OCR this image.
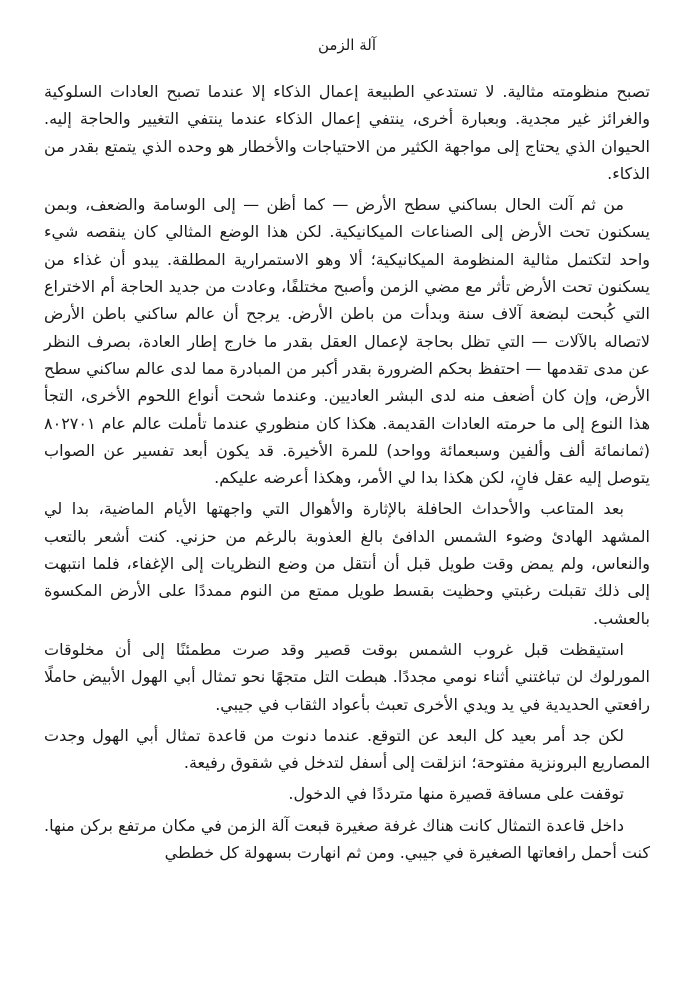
آلة الزمن

تصبح منظومته مثالية. لا تستدعي الطبيعة إعمال الذكاء إلا عندما تصبح العادات السلوكية والغرائز غير مجدية. وبعبارة أخرى، ينتفي إعمال الذكاء عندما ينتفي التغيير والحاجة إليه. الحيوان الذي يحتاج إلى مواجهة الكثير من الاحتياجات والأخطار هو وحده الذي يتمتع بقدر من الذكاء.

من ثم آلت الحال بساكني سطح الأرض — كما أظن — إلى الوسامة والضعف، وبمن يسكنون تحت الأرض إلى الصناعات الميكانيكية. لكن هذا الوضع المثالي كان ينقصه شيء واحد لتكتمل مثالية المنظومة الميكانيكية؛ ألا وهو الاستمرارية المطلقة. يبدو أن غذاء من يسكنون تحت الأرض تأثر مع مضي الزمن وأصبح مختلفًا، وعادت من جديد الحاجة أم الاختراع التي كُبحت لبضعة آلاف سنة وبدأت من باطن الأرض. يرجح أن عالم ساكني باطن الأرض لاتصاله بالآلات — التي تظل بحاجة لإعمال العقل بقدر ما خارج إطار العادة، بصرف النظر عن مدى تقدمها — احتفظ بحكم الضرورة بقدر أكبر من المبادرة مما لدى عالم ساكني سطح الأرض، وإن كان أضعف منه لدى البشر العاديين. وعندما شحت أنواع اللحوم الأخرى، التجأ هذا النوع إلى ما حرمته العادات القديمة. هكذا كان منظوري عندما تأملت عالم عام ٨٠٢٧٠١ (ثمانمائة ألف وألفين وسبعمائة وواحد) للمرة الأخيرة. قد يكون أبعد تفسير عن الصواب يتوصل إليه عقل فانٍ، لكن هكذا بدا لي الأمر، وهكذا أعرضه عليكم.

بعد المتاعب والأحداث الحافلة بالإثارة والأهوال التي واجهتها الأيام الماضية، بدا لي المشهد الهادئ وضوء الشمس الدافئ بالغ العذوبة بالرغم من حزني. كنت أشعر بالتعب والنعاس، ولم يمض وقت طويل قبل أن أنتقل من وضع النظريات إلى الإغفاء، فلما انتبهت إلى ذلك تقبلت رغبتي وحظيت بقسط طويل ممتع من النوم ممددًا على الأرض المكسوة بالعشب.

استيقظت قبل غروب الشمس بوقت قصير وقد صرت مطمئنًا إلى أن مخلوقات المورلوك لن تباغتني أثناء نومي مجددًا. هبطت التل متجهًا نحو تمثال أبي الهول الأبيض حاملًا رافعتي الحديدية في يد ويدي الأخرى تعبث بأعواد الثقاب في جيبي.

لكن جد أمر بعيد كل البعد عن التوقع. عندما دنوت من قاعدة تمثال أبي الهول وجدت المصاريع البرونزية مفتوحة؛ انزلقت إلى أسفل لتدخل في شقوق رفيعة.

توقفت على مسافة قصيرة منها مترددًا في الدخول.

داخل قاعدة التمثال كانت هناك غرفة صغيرة قبعت آلة الزمن في مكان مرتفع بركن منها. كنت أحمل رافعاتها الصغيرة في جيبي. ومن ثم انهارت بسهولة كل خططي
